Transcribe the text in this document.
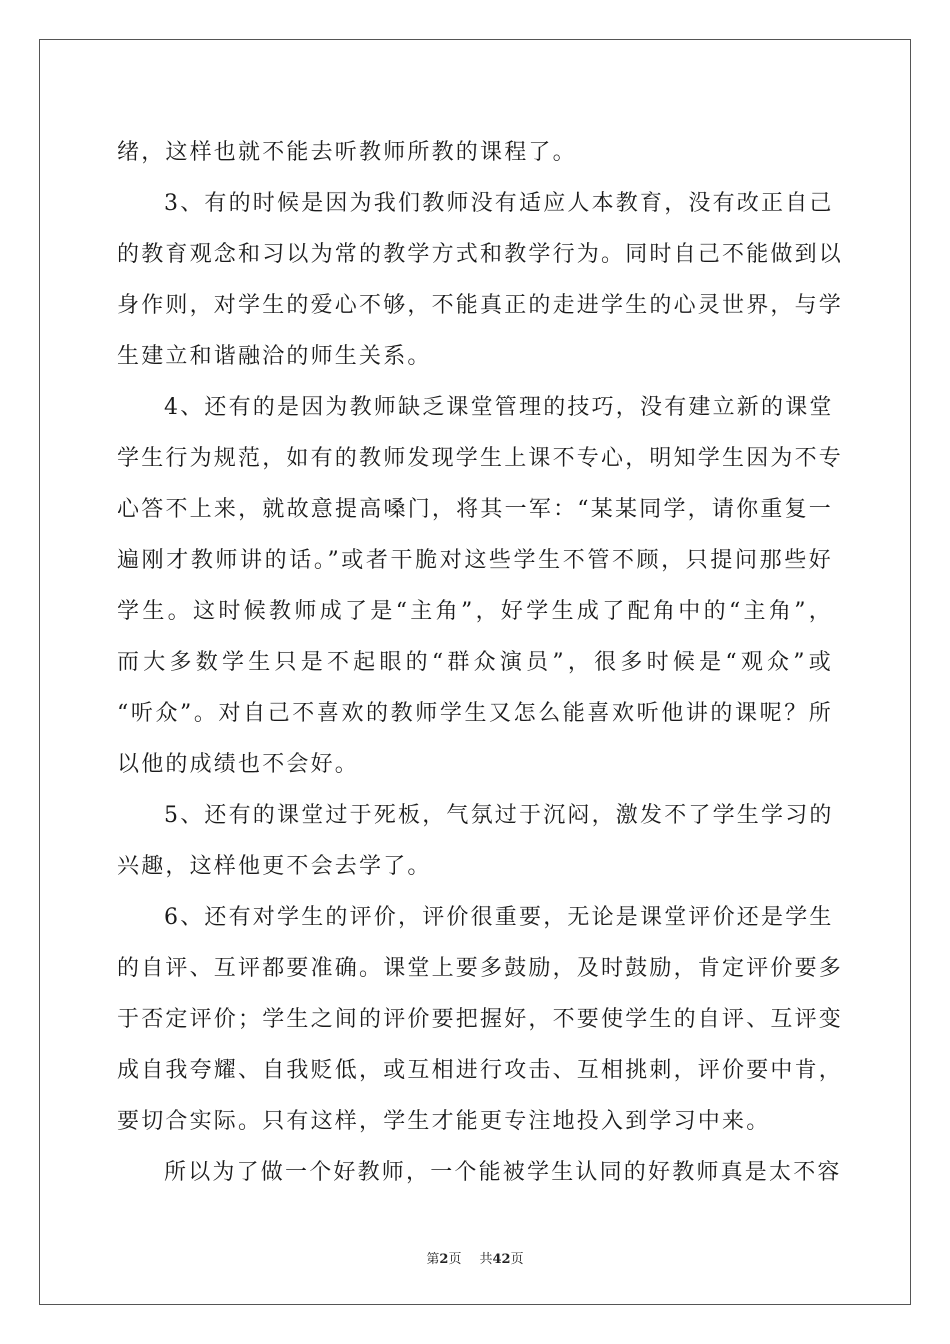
绪，这样也就不能去听教师所教的课程了。
3、有的时候是因为我们教师没有适应人本教育，没有改正自己
的教育观念和习以为常的教学方式和教学行为。同时自己不能做到以
身作则，对学生的爱心不够，不能真正的走进学生的心灵世界，与学
生建立和谐融洽的师生关系。
4、还有的是因为教师缺乏课堂管理的技巧，没有建立新的课堂
学生行为规范，如有的教师发现学生上课不专心，明知学生因为不专
心答不上来，就故意提高嗓门，将其一军：“某某同学，请你重复一
遍刚才教师讲的话。”或者干脆对这些学生不管不顾，只提问那些好
学生。这时候教师成了是“主角”，好学生成了配角中的“主角”，
而大多数学生只是不起眼的“群众演员”，很多时候是“观众”或
“听众”。对自己不喜欢的教师学生又怎么能喜欢听他讲的课呢？所
以他的成绩也不会好。
5、还有的课堂过于死板，气氛过于沉闷，激发不了学生学习的
兴趣，这样他更不会去学了。
6、还有对学生的评价，评价很重要，无论是课堂评价还是学生
的自评、互评都要准确。课堂上要多鼓励，及时鼓励，肯定评价要多
于否定评价；学生之间的评价要把握好，不要使学生的自评、互评变
成自我夸耀、自我贬低，或互相进行攻击、互相挑刺，评价要中肯，
要切合实际。只有这样，学生才能更专注地投入到学习中来。
所以为了做一个好教师，一个能被学生认同的好教师真是太不容
第2页 共42页
